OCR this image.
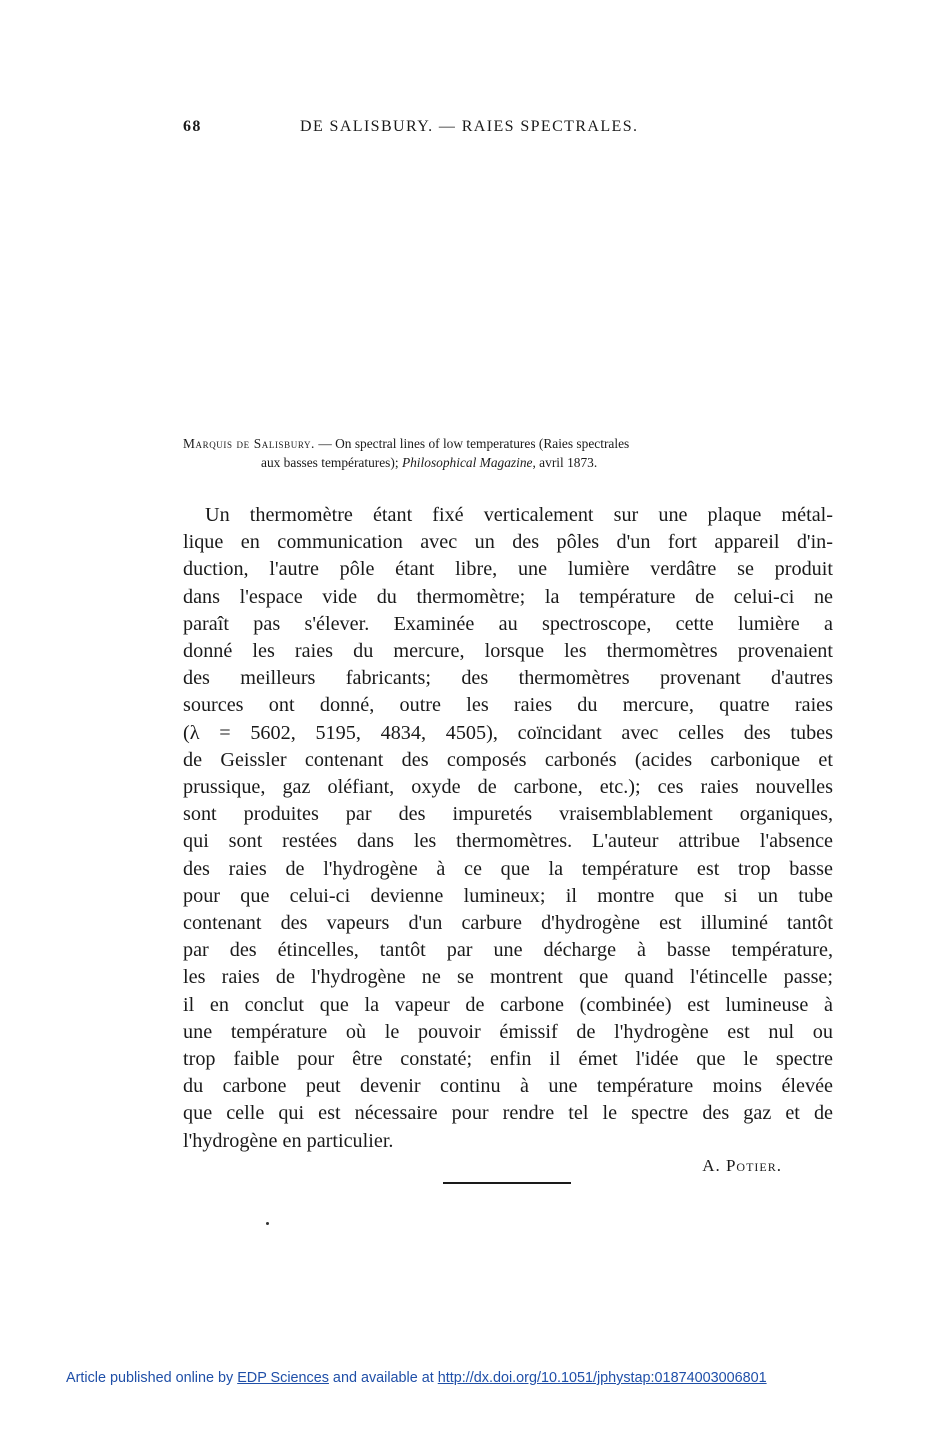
68	DE SALISBURY. — RAIES SPECTRALES.
Marquis de Salisbury. — On spectral lines of low temperatures (Raies spectrales
aux basses températures); Philosophical Magazine, avril 1873.
Un thermomètre étant fixé verticalement sur une plaque métal-
lique en communication avec un des pôles d'un fort appareil d'in-
duction, l'autre pôle étant libre, une lumière verdâtre se produit
dans l'espace vide du thermomètre; la température de celui-ci ne
paraît pas s'élever. Examinée au spectroscope, cette lumière a
donné les raies du mercure, lorsque les thermomètres provenaient
des meilleurs fabricants; des thermomètres provenant d'autres
sources ont donné, outre les raies du mercure, quatre raies
(λ = 5602, 5195, 4834, 4505), coïncidant avec celles des tubes
de Geissler contenant des composés carbonés (acides carbonique et
prussique, gaz oléfiant, oxyde de carbone, etc.); ces raies nouvelles
sont produites par des impuretés vraisemblablement organiques,
qui sont restées dans les thermomètres. L'auteur attribue l'absence
des raies de l'hydrogène à ce que la température est trop basse
pour que celui-ci devienne lumineux; il montre que si un tube
contenant des vapeurs d'un carbure d'hydrogène est illuminé tantôt
par des étincelles, tantôt par une décharge à basse température,
les raies de l'hydrogène ne se montrent que quand l'étincelle passe;
il en conclut que la vapeur de carbone (combinée) est lumineuse à
une température où le pouvoir émissif de l'hydrogène est nul ou
trop faible pour être constaté; enfin il émet l'idée que le spectre
du carbone peut devenir continu à une température moins élevée
que celle qui est nécessaire pour rendre tel le spectre des gaz et de
l'hydrogène en particulier.
A. Potier.
Article published online by EDP Sciences and available at http://dx.doi.org/10.1051/jphystap:01874003006801
